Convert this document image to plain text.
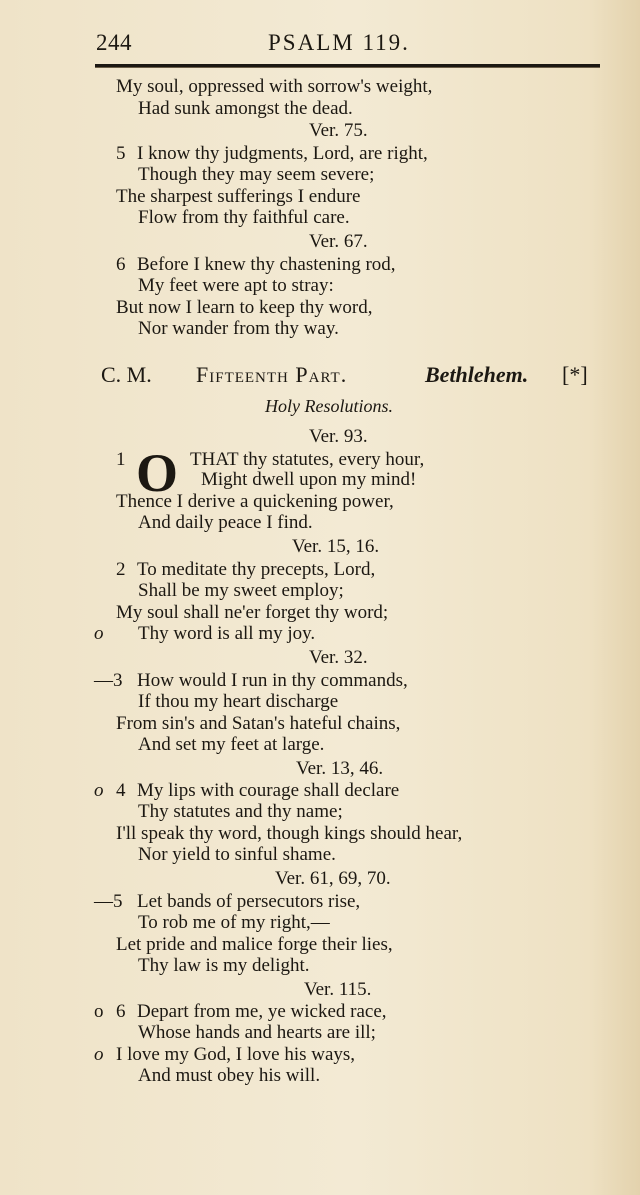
244	PSALM 119.
My soul, oppressed with sorrow's weight,
Had sunk amongst the dead.
Ver. 75.
5 I know thy judgments, Lord, are right,
Though they may seem severe;
The sharpest sufferings I endure
Flow from thy faithful care.
Ver. 67.
6 Before I knew thy chastening rod,
My feet were apt to stray:
But now I learn to keep thy word,
Nor wander from thy way.
C. M. Fifteenth Part.	Bethlehem. [*]
Holy Resolutions.
Ver. 93.
1 O THAT thy statutes, every hour,
Might dwell upon my mind!
Thence I derive a quickening power,
And daily peace I find.
Ver. 15, 16.
2 To meditate thy precepts, Lord,
Shall be my sweet employ;
My soul shall ne'er forget thy word;
o Thy word is all my joy.
Ver. 32.
—3 How would I run in thy commands,
If thou my heart discharge
From sin's and Satan's hateful chains,
And set my feet at large.
Ver. 13, 46.
o 4 My lips with courage shall declare
Thy statutes and thy name;
I'll speak thy word, though kings should hear,
Nor yield to sinful shame.
Ver. 61, 69, 70.
—5 Let bands of persecutors rise,
To rob me of my right,—
Let pride and malice forge their lies,
Thy law is my delight.
Ver. 115.
o 6 Depart from me, ye wicked race,
Whose hands and hearts are ill;
o I love my God, I love his ways,
And must obey his will.
